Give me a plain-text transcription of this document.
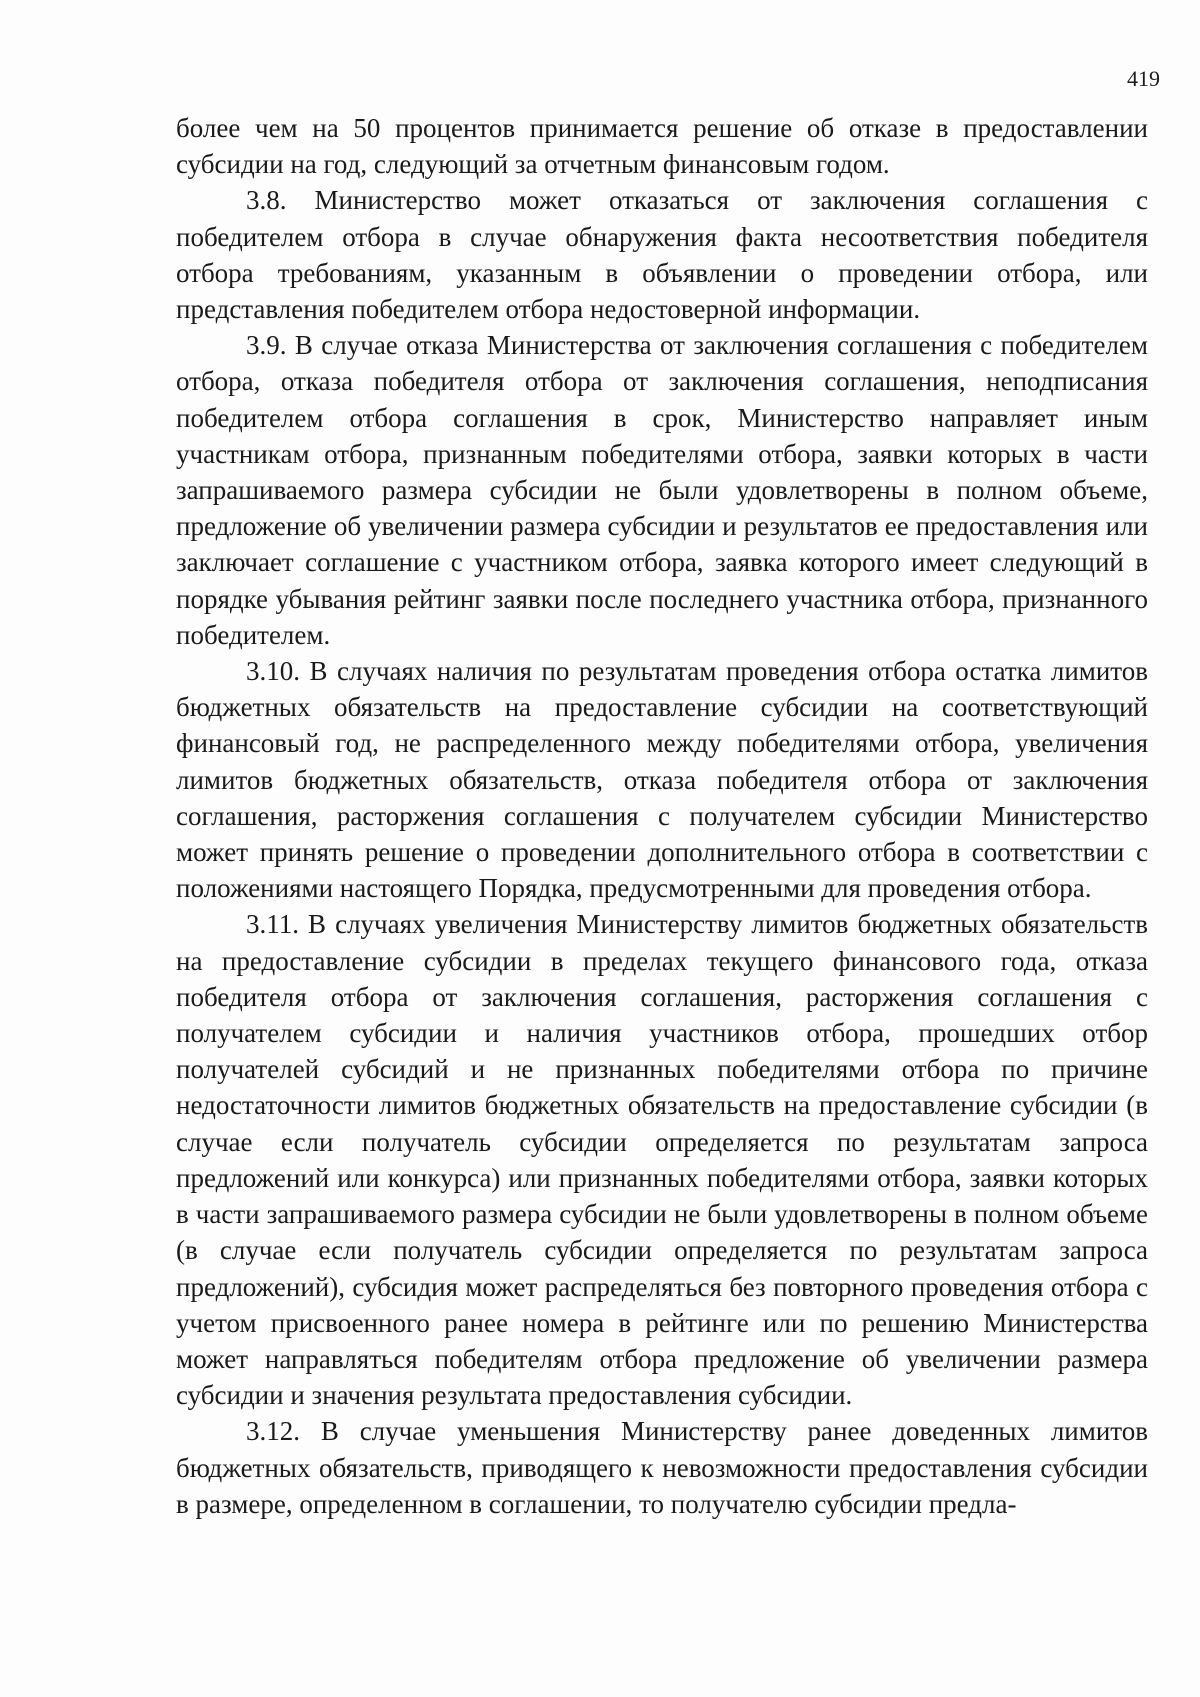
419

более чем на 50 процентов принимается решение об отказе в предоставлении субсидии на год, следующий за отчетным финансовым годом.

3.8. Министерство может отказаться от заключения соглашения с победителем отбора в случае обнаружения факта несоответствия победителя отбора требованиям, указанным в объявлении о проведении отбора, или представления победителем отбора недостоверной информации.

3.9. В случае отказа Министерства от заключения соглашения с победителем отбора, отказа победителя отбора от заключения соглашения, неподписания победителем отбора соглашения в срок, Министерство направляет иным участникам отбора, признанным победителями отбора, заявки которых в части запрашиваемого размера субсидии не были удовлетворены в полном объеме, предложение об увеличении размера субсидии и результатов ее предоставления или заключает соглашение с участником отбора, заявка которого имеет следующий в порядке убывания рейтинг заявки после последнего участника отбора, признанного победителем.

3.10. В случаях наличия по результатам проведения отбора остатка лимитов бюджетных обязательств на предоставление субсидии на соответствующий финансовый год, не распределенного между победителями отбора, увеличения лимитов бюджетных обязательств, отказа победителя отбора от заключения соглашения, расторжения соглашения с получателем субсидии Министерство может принять решение о проведении дополнительного отбора в соответствии с положениями настоящего Порядка, предусмотренными для проведения отбора.

3.11. В случаях увеличения Министерству лимитов бюджетных обязательств на предоставление субсидии в пределах текущего финансового года, отказа победителя отбора от заключения соглашения, расторжения соглашения с получателем субсидии и наличия участников отбора, прошедших отбор получателей субсидий и не признанных победителями отбора по причине недостаточности лимитов бюджетных обязательств на предоставление субсидии (в случае если получатель субсидии определяется по результатам запроса предложений или конкурса) или признанных победителями отбора, заявки которых в части запрашиваемого размера субсидии не были удовлетворены в полном объеме (в случае если получатель субсидии определяется по результатам запроса предложений), субсидия может распределяться без повторного проведения отбора с учетом присвоенного ранее номера в рейтинге или по решению Министерства может направляться победителям отбора предложение об увеличении размера субсидии и значения результата предоставления субсидии.

3.12. В случае уменьшения Министерству ранее доведенных лимитов бюджетных обязательств, приводящего к невозможности предоставления субсидии в размере, определенном в соглашении, то получателю субсидии предла-
